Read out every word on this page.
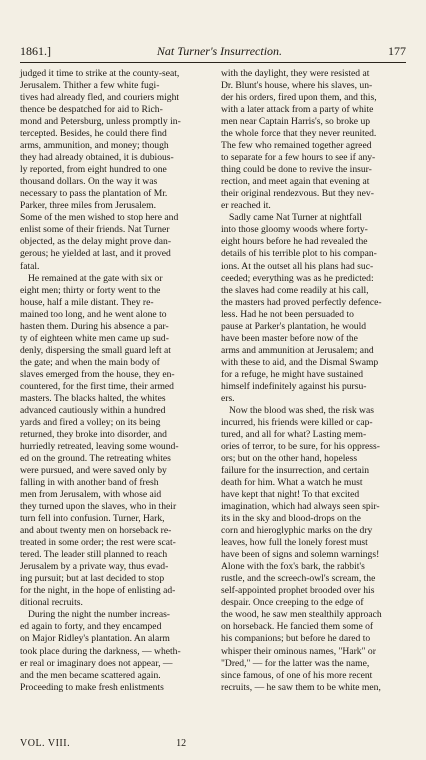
1861.]	Nat Turner's Insurrection.	177
judged it time to strike at the county-seat,
Jerusalem. Thither a few white fugi-
tives had already fled, and couriers might
thence be despatched for aid to Rich-
mond and Petersburg, unless promptly in-
tercepted. Besides, he could there find
arms, ammunition, and money; though
they had already obtained, it is dubious-
ly reported, from eight hundred to one
thousand dollars. On the way it was
necessary to pass the plantation of Mr.
Parker, three miles from Jerusalem.
Some of the men wished to stop here and
enlist some of their friends. Nat Turner
objected, as the delay might prove dan-
gerous; he yielded at last, and it proved
fatal.
He remained at the gate with six or
eight men; thirty or forty went to the
house, half a mile distant. They re-
mained too long, and he went alone to
hasten them. During his absence a par-
ty of eighteen white men came up sud-
denly, dispersing the small guard left at
the gate; and when the main body of
slaves emerged from the house, they en-
countered, for the first time, their armed
masters. The blacks halted, the whites
advanced cautiously within a hundred
yards and fired a volley; on its being
returned, they broke into disorder, and
hurriedly retreated, leaving some wound-
ed on the ground. The retreating whites
were pursued, and were saved only by
falling in with another band of fresh
men from Jerusalem, with whose aid
they turned upon the slaves, who in their
turn fell into confusion. Turner, Hark,
and about twenty men on horseback re-
treated in some order; the rest were scat-
tered. The leader still planned to reach
Jerusalem by a private way, thus evad-
ing pursuit; but at last decided to stop
for the night, in the hope of enlisting ad-
ditional recruits.
During the night the number increas-
ed again to forty, and they encamped
on Major Ridley's plantation. An alarm
took place during the darkness, — wheth-
er real or imaginary does not appear, —
and the men became scattered again.
Proceeding to make fresh enlistments
with the daylight, they were resisted at
Dr. Blunt's house, where his slaves, un-
der his orders, fired upon them, and this,
with a later attack from a party of white
men near Captain Harris's, so broke up
the whole force that they never reunited.
The few who remained together agreed
to separate for a few hours to see if any-
thing could be done to revive the insur-
rection, and meet again that evening at
their original rendezvous. But they nev-
er reached it.
Sadly came Nat Turner at nightfall
into those gloomy woods where forty-
eight hours before he had revealed the
details of his terrible plot to his compan-
ions. At the outset all his plans had suc-
ceeded; everything was as he predicted:
the slaves had come readily at his call,
the masters had proved perfectly defence-
less. Had he not been persuaded to
pause at Parker's plantation, he would
have been master before now of the
arms and ammunition at Jerusalem; and
with these to aid, and the Dismal Swamp
for a refuge, he might have sustained
himself indefinitely against his pursu-
ers.
Now the blood was shed, the risk was
incurred, his friends were killed or cap-
tured, and all for what? Lasting mem-
ories of terror, to be sure, for his oppress-
ors; but on the other hand, hopeless
failure for the insurrection, and certain
death for him. What a watch he must
have kept that night! To that excited
imagination, which had always seen spir-
its in the sky and blood-drops on the
corn and hieroglyphic marks on the dry
leaves, how full the lonely forest must
have been of signs and solemn warnings!
Alone with the fox's bark, the rabbit's
rustle, and the screech-owl's scream, the
self-appointed prophet brooded over his
despair. Once creeping to the edge of
the wood, he saw men stealthily approach
on horseback. He fancied them some of
his companions; but before he dared to
whisper their ominous names, "Hark" or
"Dred," — for the latter was the name,
since famous, of one of his more recent
recruits, — he saw them to be white men,
VOL. VIII.	12
